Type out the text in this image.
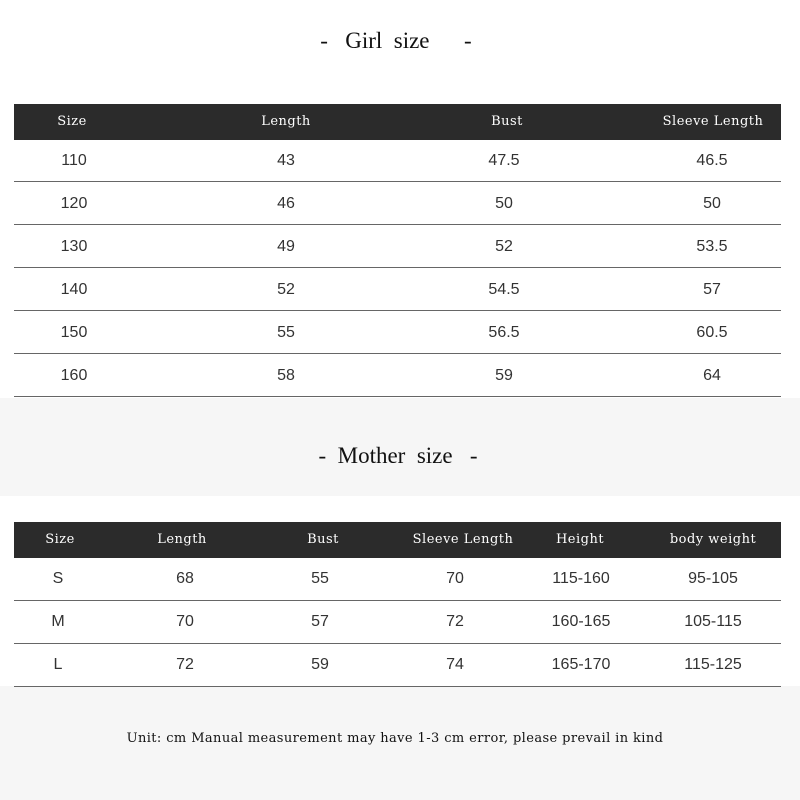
-   Girl  size      -
Size	Length	Bust	Sleeve Length
110	43	47.5	46.5
120	46	50	50
130	49	52	53.5
140	52	54.5	57
150	55	56.5	60.5
160	58	59	64
-  Mother  size   -
Size	Length	Bust	Sleeve Length	Height	body weight
S	68	55	70	115-160	95-105
M	70	57	72	160-165	105-115
L	72	59	74	165-170	115-125
Unit: cm Manual measurement may have 1-3 cm error, please prevail in kind
